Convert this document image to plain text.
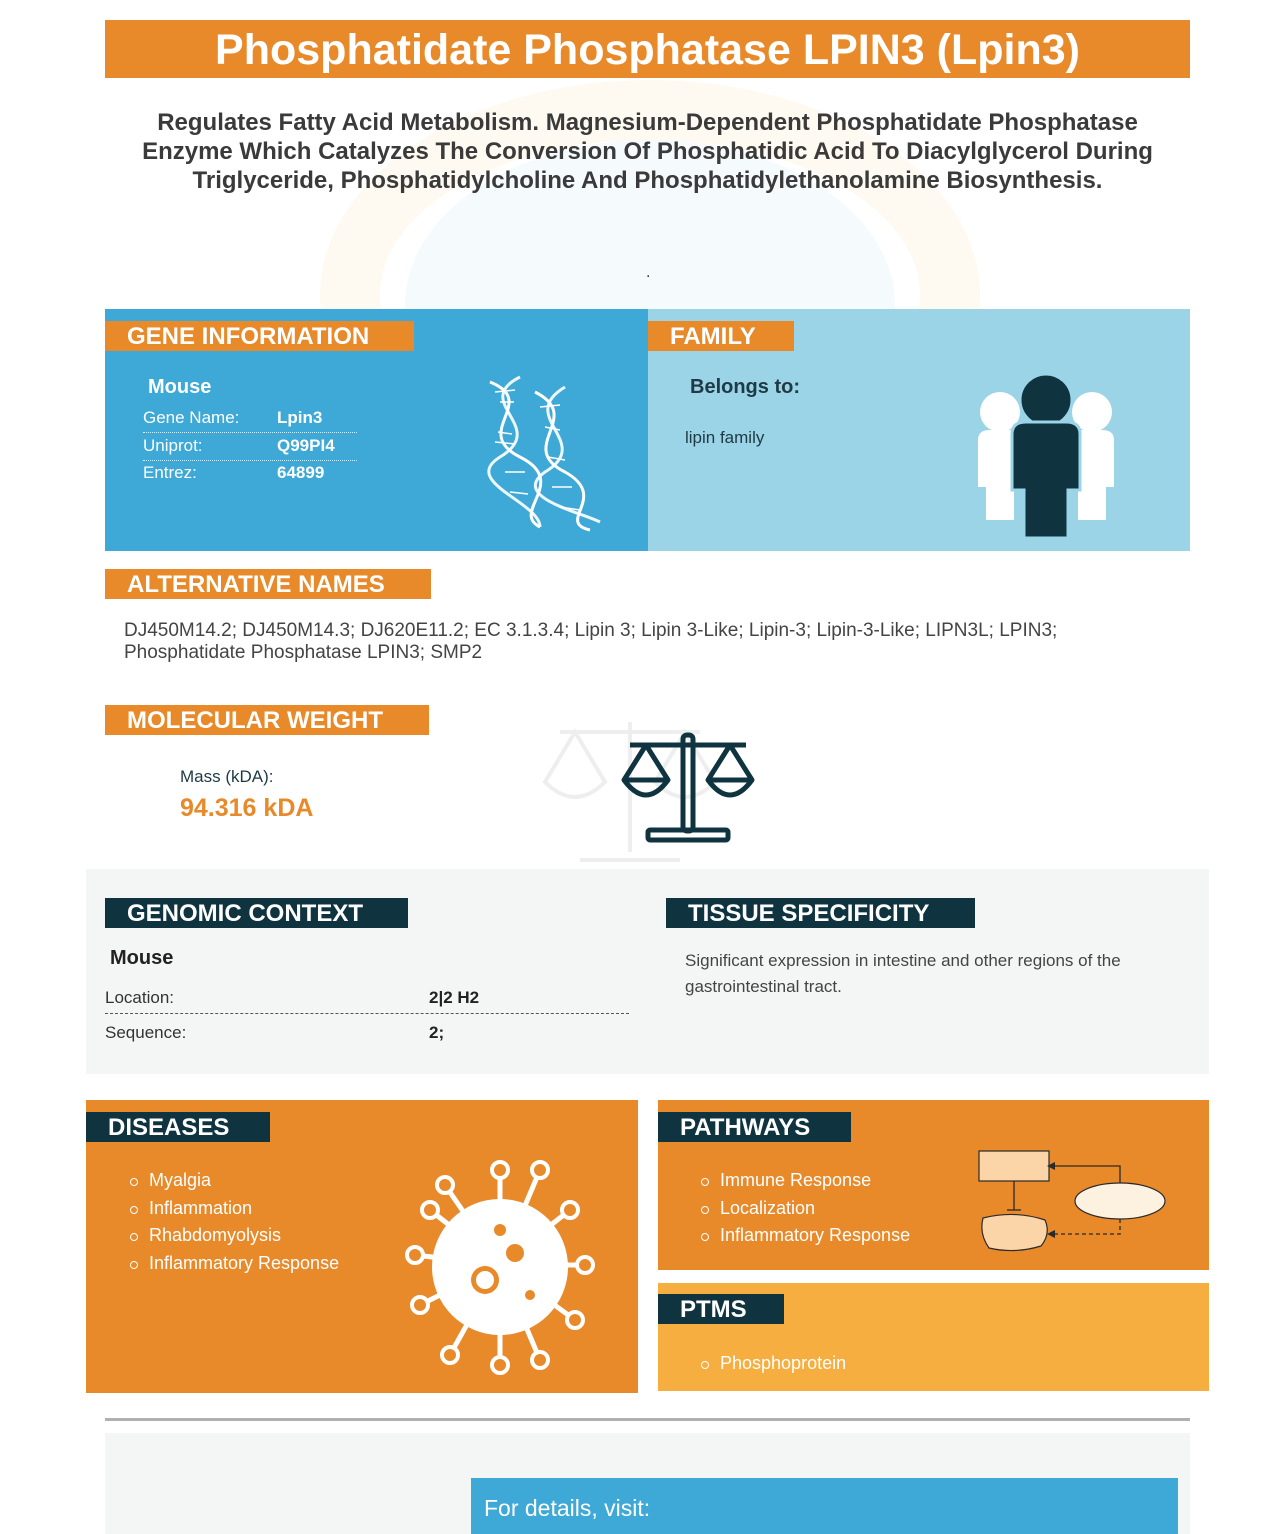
Phosphatidate Phosphatase LPIN3 (Lpin3)
Regulates Fatty Acid Metabolism. Magnesium-Dependent Phosphatidate Phosphatase Enzyme Which Catalyzes The Conversion Of Phosphatidic Acid To Diacylglycerol During Triglyceride, Phosphatidylcholine And Phosphatidylethanolamine Biosynthesis.
.
GENE INFORMATION
Mouse
Gene Name: Lpin3
Uniprot:	Q99PI4
Entrez:	64899
FAMILY
Belongs to:
lipin family
ALTERNATIVE NAMES
DJ450M14.2; DJ450M14.3; DJ620E11.2; EC 3.1.3.4; Lipin 3; Lipin 3-Like; Lipin-3; Lipin-3-Like; LIPN3L; LPIN3; Phosphatidate Phosphatase LPIN3; SMP2
MOLECULAR WEIGHT
Mass (kDA):
94.316 kDA
GENOMIC CONTEXT
Mouse
Location:	2|2 H2
Sequence:	2;
TISSUE SPECIFICITY
Significant expression in intestine and other regions of the gastrointestinal tract.
DISEASES
Myalgia
Inflammation
Rhabdomyolysis
Inflammatory Response
PATHWAYS
Immune Response
Localization
Inflammatory Response
PTMS
Phosphoprotein
For details, visit:
